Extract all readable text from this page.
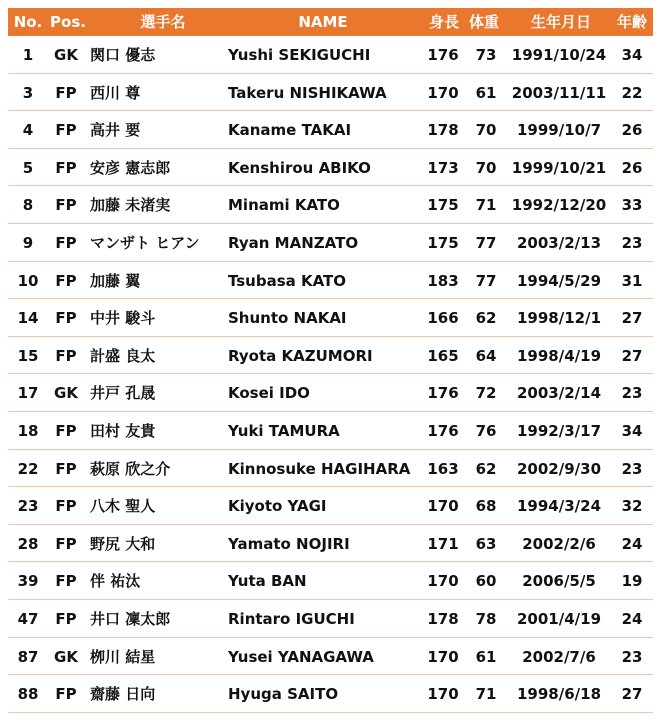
No. Pos.	選手名	NAME	身長 体重	生年月日	年齢
1	GK 関口 優志	Yushi SEKIGUCHI	176	73	1991/10/24	34
3	FP 西川 尊	Takeru NISHIKAWA	170	61	2003/11/11	22
4	FP 高井 要	Kaname TAKAI	178	70	1999/10/7	26
5	FP 安彦 憲志郎	Kenshirou ABIKO	173	70	1999/10/21	26
8	FP 加藤 未渚実	Minami KATO	175	71	1992/12/20	33
9	FP マンザト ヒアン Ryan MANZATO	175	77	2003/2/13	23
10	FP 加藤 翼	Tsubasa KATO	183	77	1994/5/29	31
14	FP 中井 駿斗	Shunto NAKAI	166	62	1998/12/1	27
15	FP 計盛 良太	Ryota KAZUMORI	165	64	1998/4/19	27
17	GK 井戸 孔晟	Kosei IDO	176	72	2003/2/14	23
18	FP 田村 友貴	Yuki TAMURA	176	76	1992/3/17	34
22	FP 萩原 欣之介	Kinnosuke HAGIHARA 163	62	2002/9/30	23
23	FP 八木 聖人	Kiyoto YAGI	170	68	1994/3/24	32
28	FP 野尻 大和	Yamato NOJIRI	171	63	2002/2/6	24
39	FP 伴 祐汰	Yuta BAN	170	60	2006/5/5	19
47	FP 井口 凜太郎	Rintaro IGUCHI	178	78	2001/4/19	24
87	GK 栁川 結星	Yusei YANAGAWA	170	61	2002/7/6	23
88	FP 齋藤 日向	Hyuga SAITO	170	71	1998/6/18	27
